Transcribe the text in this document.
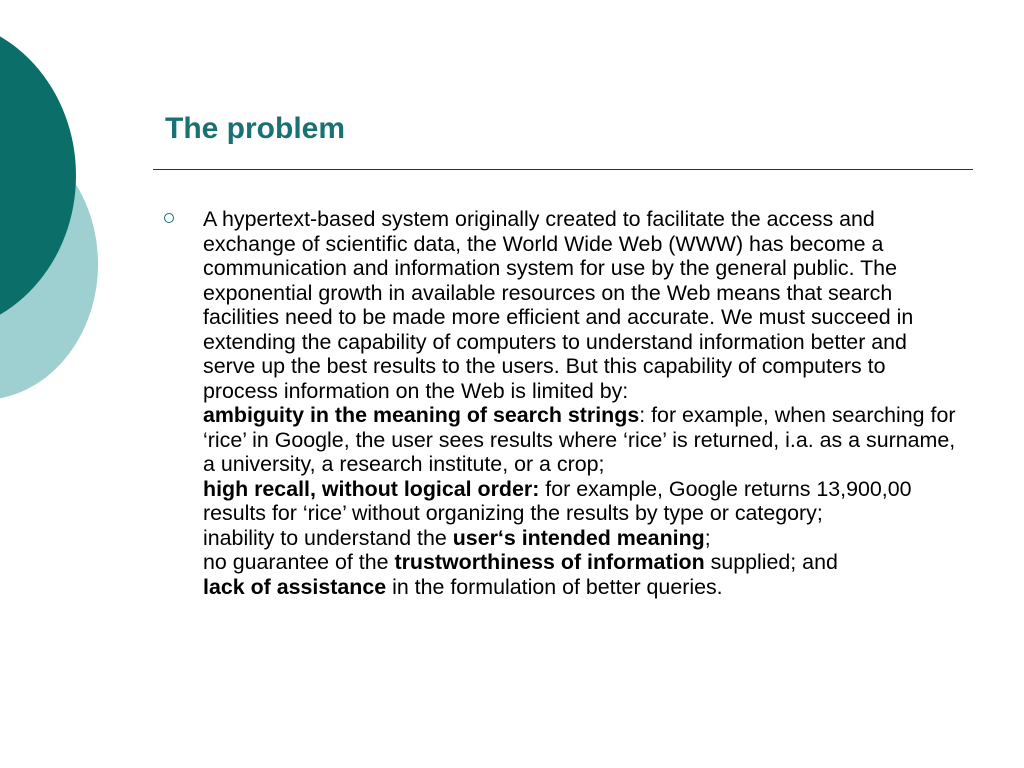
The problem

A hypertext-based system originally created to facilitate the access and exchange of scientific data, the World Wide Web (WWW) has become a communication and information system for use by the general public. The exponential growth in available resources on the Web means that search facilities need to be made more efficient and accurate. We must succeed in extending the capability of computers to understand information better and serve up the best results to the users. But this capability of computers to process information on the Web is limited by:
ambiguity in the meaning of search strings: for example, when searching for ‘rice’ in Google, the user sees results where ‘rice’ is returned, i.a. as a surname, a university, a research institute, or a crop;
high recall, without logical order: for example, Google returns 13,900,00 results for ‘rice’ without organizing the results by type or category;
inability to understand the user‘s intended meaning;
no guarantee of the trustworthiness of information supplied; and
lack of assistance in the formulation of better queries.
